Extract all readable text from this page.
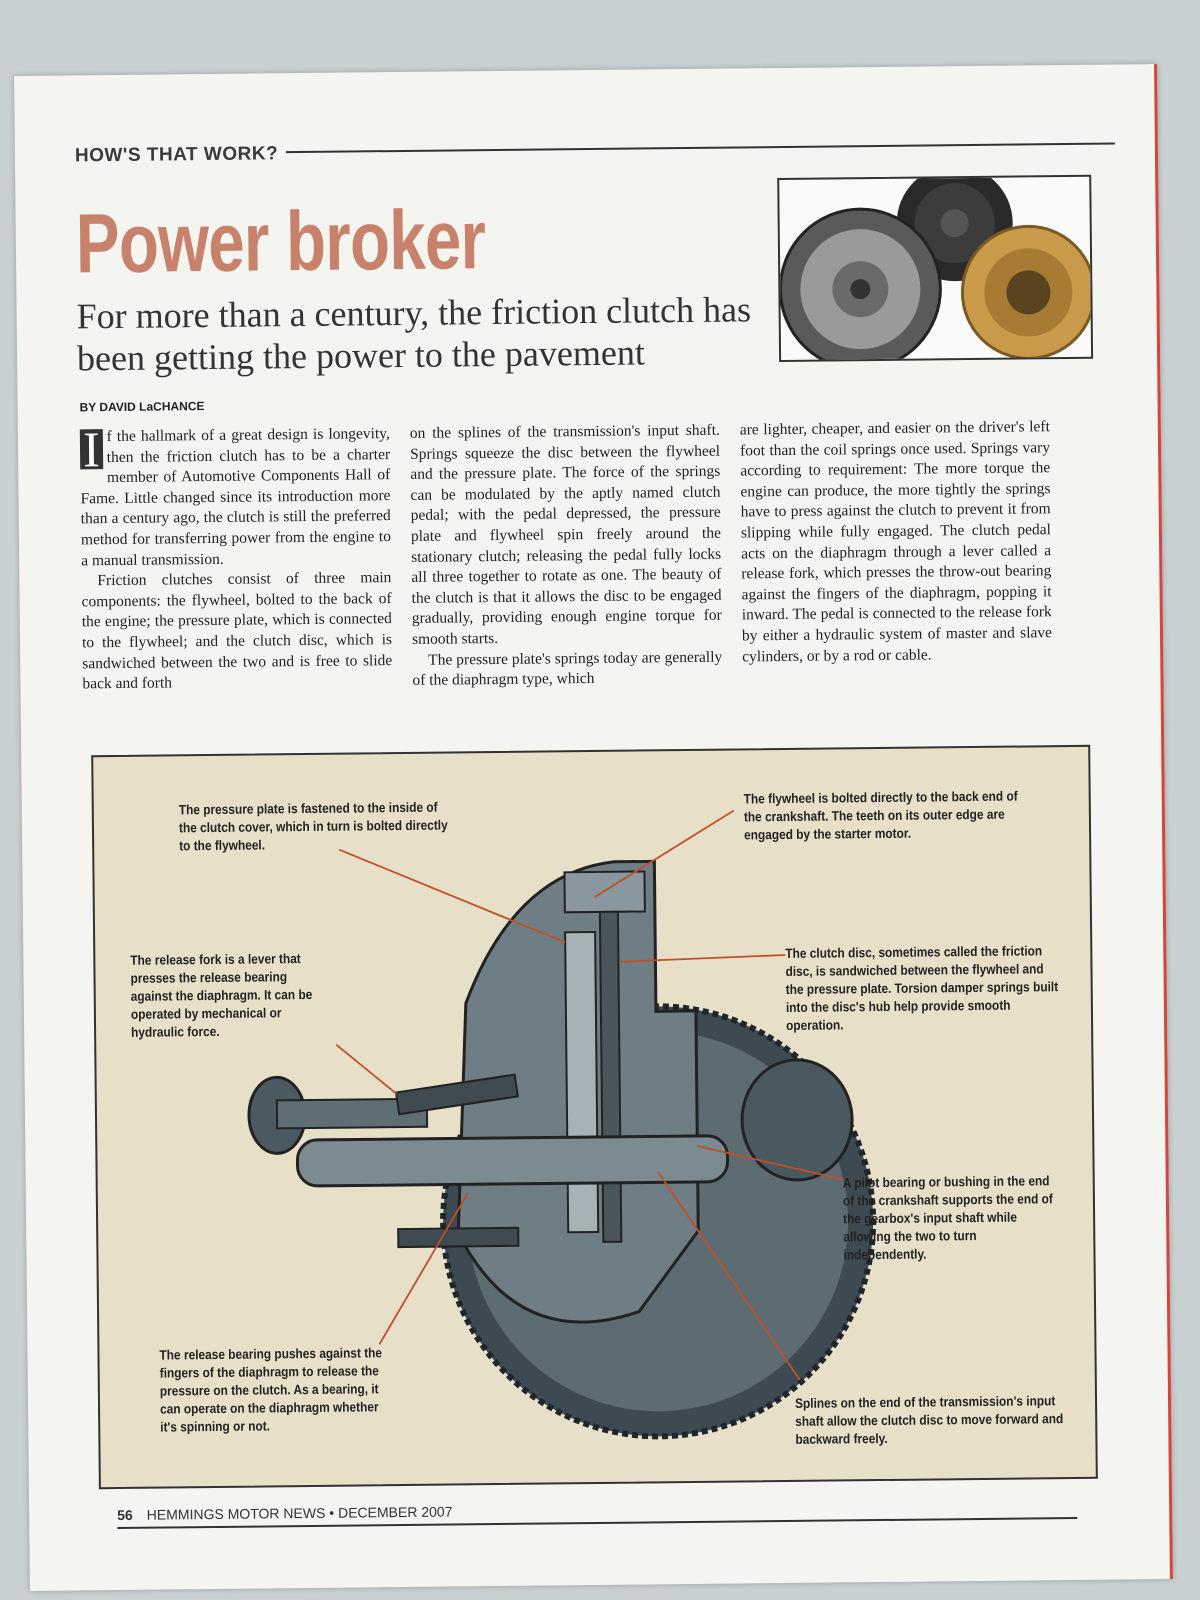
HOW'S THAT WORK?
Power broker
For more than a century, the friction clutch has been getting the power to the pavement
BY DAVID LaCHANCE

I f the hallmark of a great design is longevity, then the friction clutch has to be a charter member of Automotive Components Hall of Fame. Little changed since its introduction more than a century ago, the clutch is still the preferred method for transferring power from the engine to a manual transmission.

Friction clutches consist of three main components: the flywheel, bolted to the back of the engine; the pressure plate, which is connected to the flywheel; and the clutch disc, which is sandwiched between the two and is free to slide back and forth

on the splines of the transmission's input shaft. Springs squeeze the disc between the flywheel and the pressure plate. The force of the springs can be modulated by the aptly named clutch pedal; with the pedal depressed, the pressure plate and flywheel spin freely around the stationary clutch; releasing the pedal fully locks all three together to rotate as one. The beauty of the clutch is that it allows the disc to be engaged gradually, providing enough engine torque for smooth starts.

The pressure plate's springs today are generally of the diaphragm type, which

are lighter, cheaper, and easier on the driver's left foot than the coil springs once used. Springs vary according to requirement: The more torque the engine can produce, the more tightly the springs have to press against the clutch to prevent it from slipping while fully engaged. The clutch pedal acts on the diaphragm through a lever called a release fork, which presses the throw-out bearing against the fingers of the diaphragm, popping it inward. The pedal is connected to the release fork by either a hydraulic system of master and slave cylinders, or by a rod or cable.

The pressure plate is fastened to the inside of the clutch cover, which in turn is bolted directly to the flywheel.
The flywheel is bolted directly to the back end of the crankshaft. The teeth on its outer edge are engaged by the starter motor.
The release fork is a lever that presses the release bearing against the diaphragm. It can be operated by mechanical or hydraulic force.
The clutch disc, sometimes called the friction disc, is sandwiched between the flywheel and the pressure plate. Torsion damper springs built into the disc's hub help provide smooth operation.
A pilot bearing or bushing in the end of the crankshaft supports the end of the gearbox's input shaft while allowing the two to turn independently.
The release bearing pushes against the fingers of the diaphragm to release the pressure on the clutch. As a bearing, it can operate on the diaphragm whether it's spinning or not.
Splines on the end of the transmission's input shaft allow the clutch disc to move forward and backward freely.
56 HEMMINGS MOTOR NEWS • DECEMBER 2007
